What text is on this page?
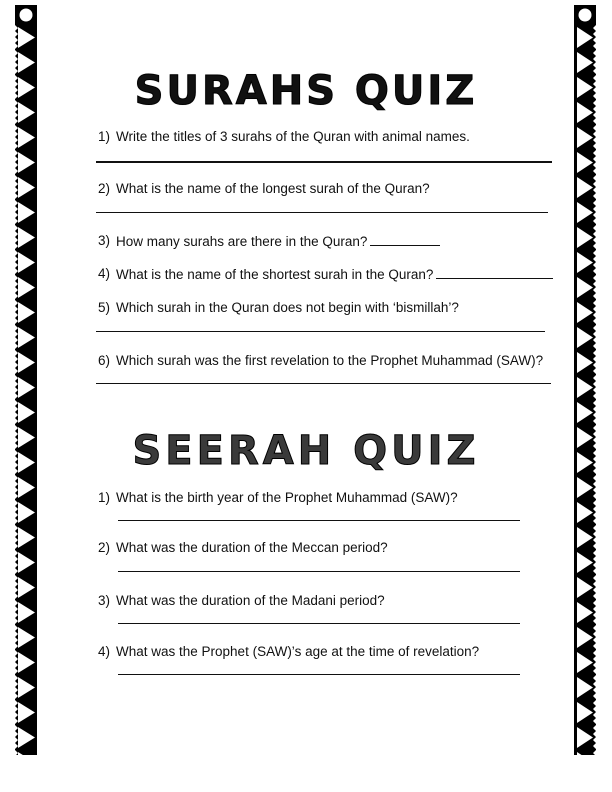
SURAHS QUIZ
1) Write the titles of 3 surahs of the Quran with animal names.
2) What is the name of the longest surah of the Quran?
3) How many surahs are there in the Quran?
4) What is the name of the shortest surah in the Quran?
5) Which surah in the Quran does not begin with ‘bismillah’?
6) Which surah was the first revelation to the Prophet Muhammad (SAW)?
SEERAH QUIZ
1) What is the birth year of the Prophet Muhammad (SAW)?
2) What was the duration of the Meccan period?
3) What was the duration of the Madani period?
4) What was the Prophet (SAW)’s age at the time of revelation?
